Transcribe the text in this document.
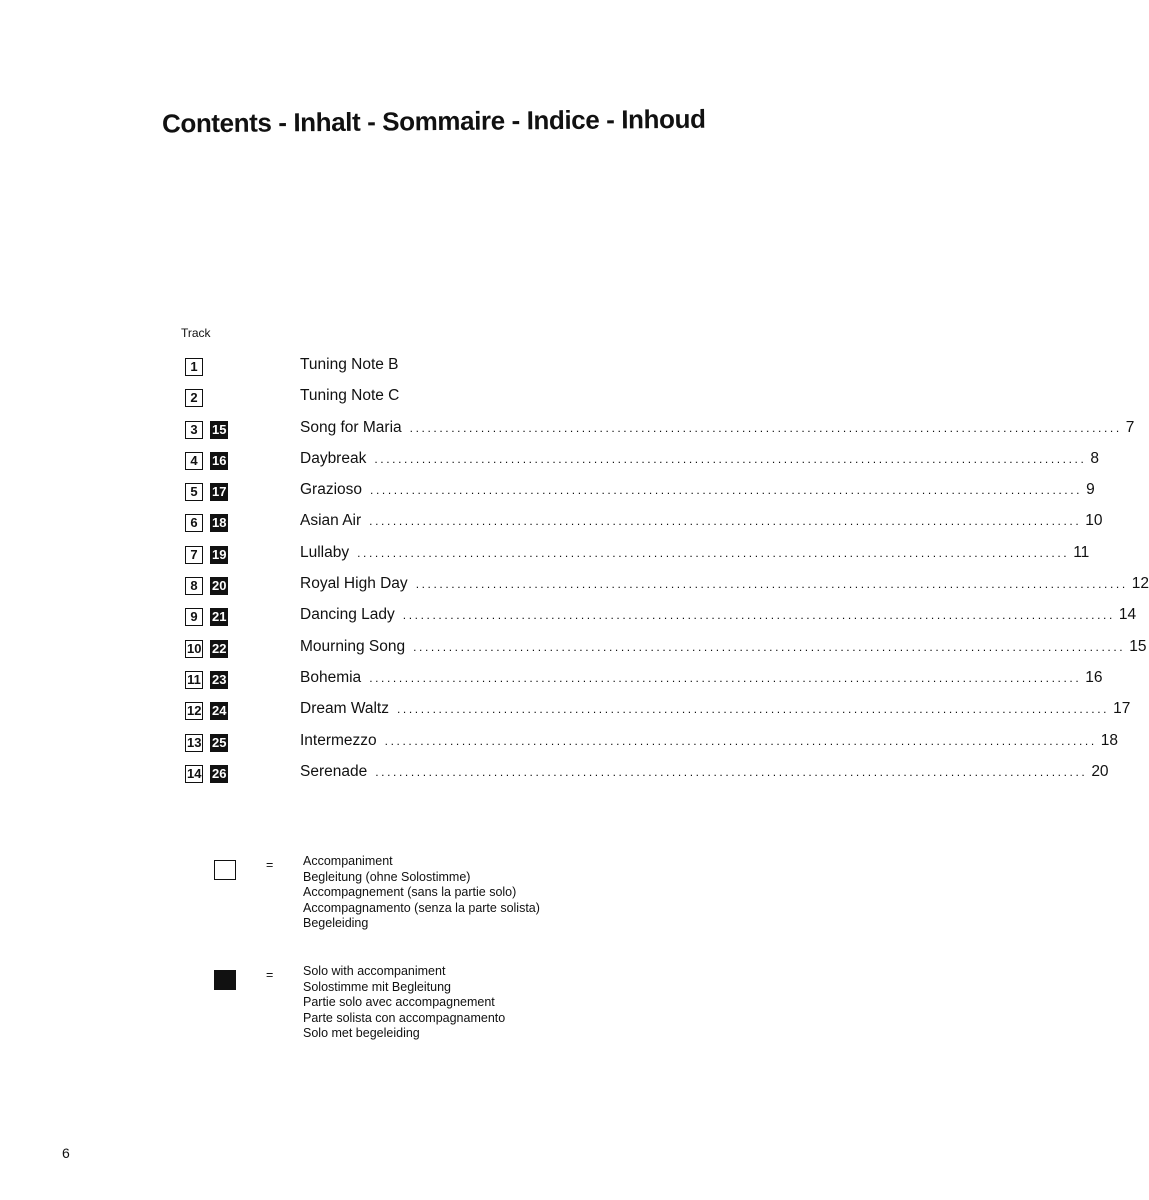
Contents - Inhalt - Sommaire - Indice - Inhoud
Track
1	Tuning Note B
2	Tuning Note C
3	15	Song for Maria ........................................................................................................................ 7
4	16	Daybreak ........................................................................................................................ 8
5	17	Grazioso ........................................................................................................................ 9
6	18	Asian Air ........................................................................................................................ 10
7	19	Lullaby ........................................................................................................................ 11
8	20	Royal High Day ........................................................................................................................ 12
9	21	Dancing Lady ........................................................................................................................ 14
10 22	Mourning Song ........................................................................................................................ 15
11 23	Bohemia ........................................................................................................................ 16
12 24	Dream Waltz ........................................................................................................................ 17
13 25	Intermezzo ........................................................................................................................ 18
14 26	Serenade ........................................................................................................................ 20
= Accompaniment
Begleitung (ohne Solostimme)
Accompagnement (sans la partie solo)
Accompagnamento (senza la parte solista)
Begeleiding
= Solo with accompaniment
Solostimme mit Begleitung
Partie solo avec accompagnement
Parte solista con accompagnamento
Solo met begeleiding
6
